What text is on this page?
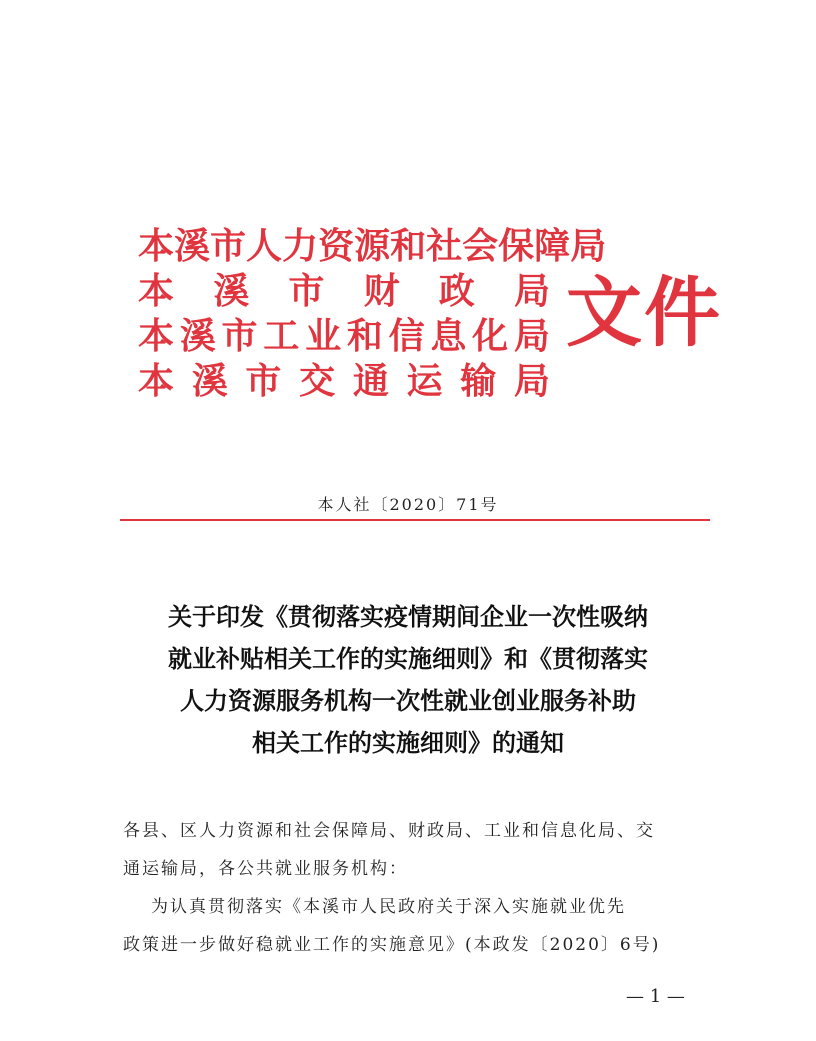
本 溪 市 人 力 资 源 和 社 会 保 障 局
本 溪 市 财 政 局
本 溪 市 工 业 和 信 息 化 局
本 溪 市 交 通 运 输 局
文件
本人社〔2020〕71号
关于印发《贯彻落实疫情期间企业一次性吸纳
就业补贴相关工作的实施细则》和《贯彻落实
人力资源服务机构一次性就业创业服务补助
相关工作的实施细则》的通知
各县、区人力资源和社会保障局、财政局、工业和信息化局、交
通运输局，各公共就业服务机构：
为认真贯彻落实《本溪市人民政府关于深入实施就业优先
政策进一步做好稳就业工作的实施意见》(本政发〔2020〕6号)
— 1 —
